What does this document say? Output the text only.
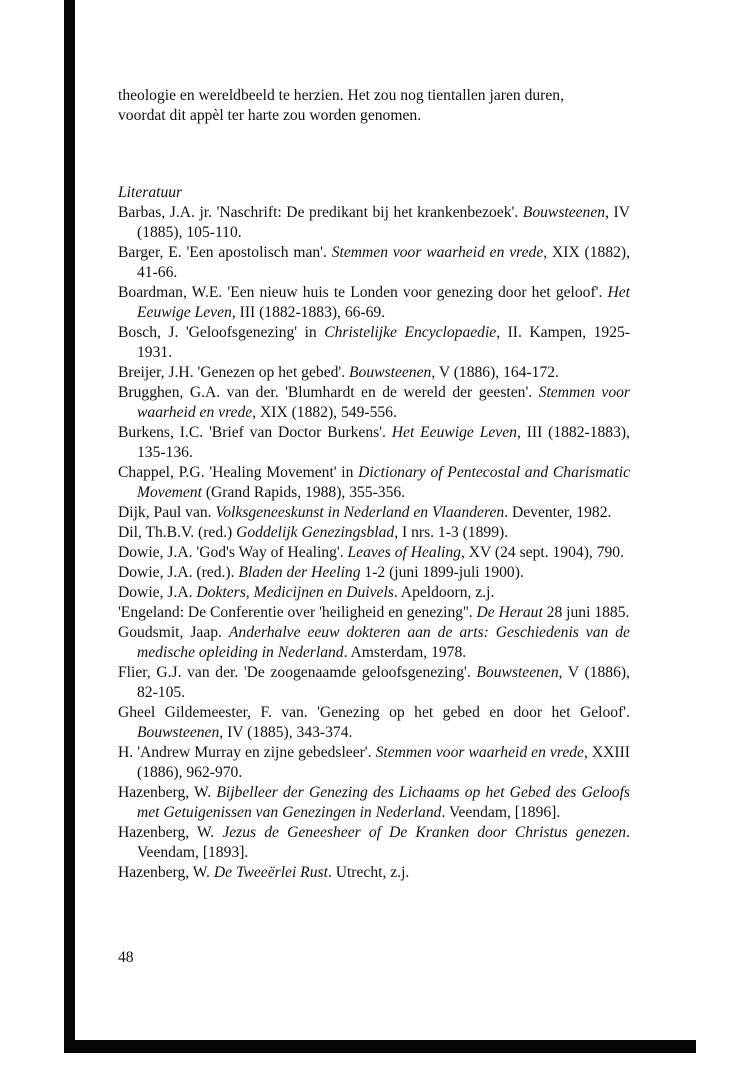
theologie en wereldbeeld te herzien. Het zou nog tientallen jaren duren,

voordat dit appèl ter harte zou worden genomen.

Literatuur
Barbas, J.A. jr. 'Naschrift: De predikant bij het krankenbezoek'. Bouwsteenen, IV (1885), 105-110.
Barger, E. 'Een apostolisch man'. Stemmen voor waarheid en vrede, XIX (1882), 41-66.
Boardman, W.E. 'Een nieuw huis te Londen voor genezing door het geloof'. Het Eeuwige Leven, III (1882-1883), 66-69.
Bosch, J. 'Geloofsgenezing' in Christelijke Encyclopaedie, II. Kampen, 1925-1931.
Breijer, J.H. 'Genezen op het gebed'. Bouwsteenen, V (1886), 164-172.
Brugghen, G.A. van der. 'Blumhardt en de wereld der geesten'. Stemmen voor waarheid en vrede, XIX (1882), 549-556.
Burkens, I.C. 'Brief van Doctor Burkens'. Het Eeuwige Leven, III (1882-1883), 135-136.
Chappel, P.G. 'Healing Movement' in Dictionary of Pentecostal and Charismatic Movement (Grand Rapids, 1988), 355-356.
Dijk, Paul van. Volksgeneeskunst in Nederland en Vlaanderen. Deventer, 1982.
Dil, Th.B.V. (red.) Goddelijk Genezingsblad, I nrs. 1-3 (1899).
Dowie, J.A. 'God's Way of Healing'. Leaves of Healing, XV (24 sept. 1904), 790.
Dowie, J.A. (red.). Bladen der Heeling 1-2 (juni 1899-juli 1900).
Dowie, J.A. Dokters, Medicijnen en Duivels. Apeldoorn, z.j.
'Engeland: De Conferentie over 'heiligheid en genezing''. De Heraut 28 juni 1885.
Goudsmit, Jaap. Anderhalve eeuw dokteren aan de arts: Geschiedenis van de medische opleiding in Nederland. Amsterdam, 1978.
Flier, G.J. van der. 'De zoogenaamde geloofsgenezing'. Bouwsteenen, V (1886), 82-105.
Gheel Gildemeester, F. van. 'Genezing op het gebed en door het Geloof'. Bouwsteenen, IV (1885), 343-374.
H. 'Andrew Murray en zijne gebedsleer'. Stemmen voor waarheid en vrede, XXIII (1886), 962-970.
Hazenberg, W. Bijbelleer der Genezing des Lichaams op het Gebed des Geloofs met Getuigenissen van Genezingen in Nederland. Veendam, [1896].
Hazenberg, W. Jezus de Geneesheer of De Kranken door Christus genezen. Veendam, [1893].
Hazenberg, W. De Tweeërlei Rust. Utrecht, z.j.
48
